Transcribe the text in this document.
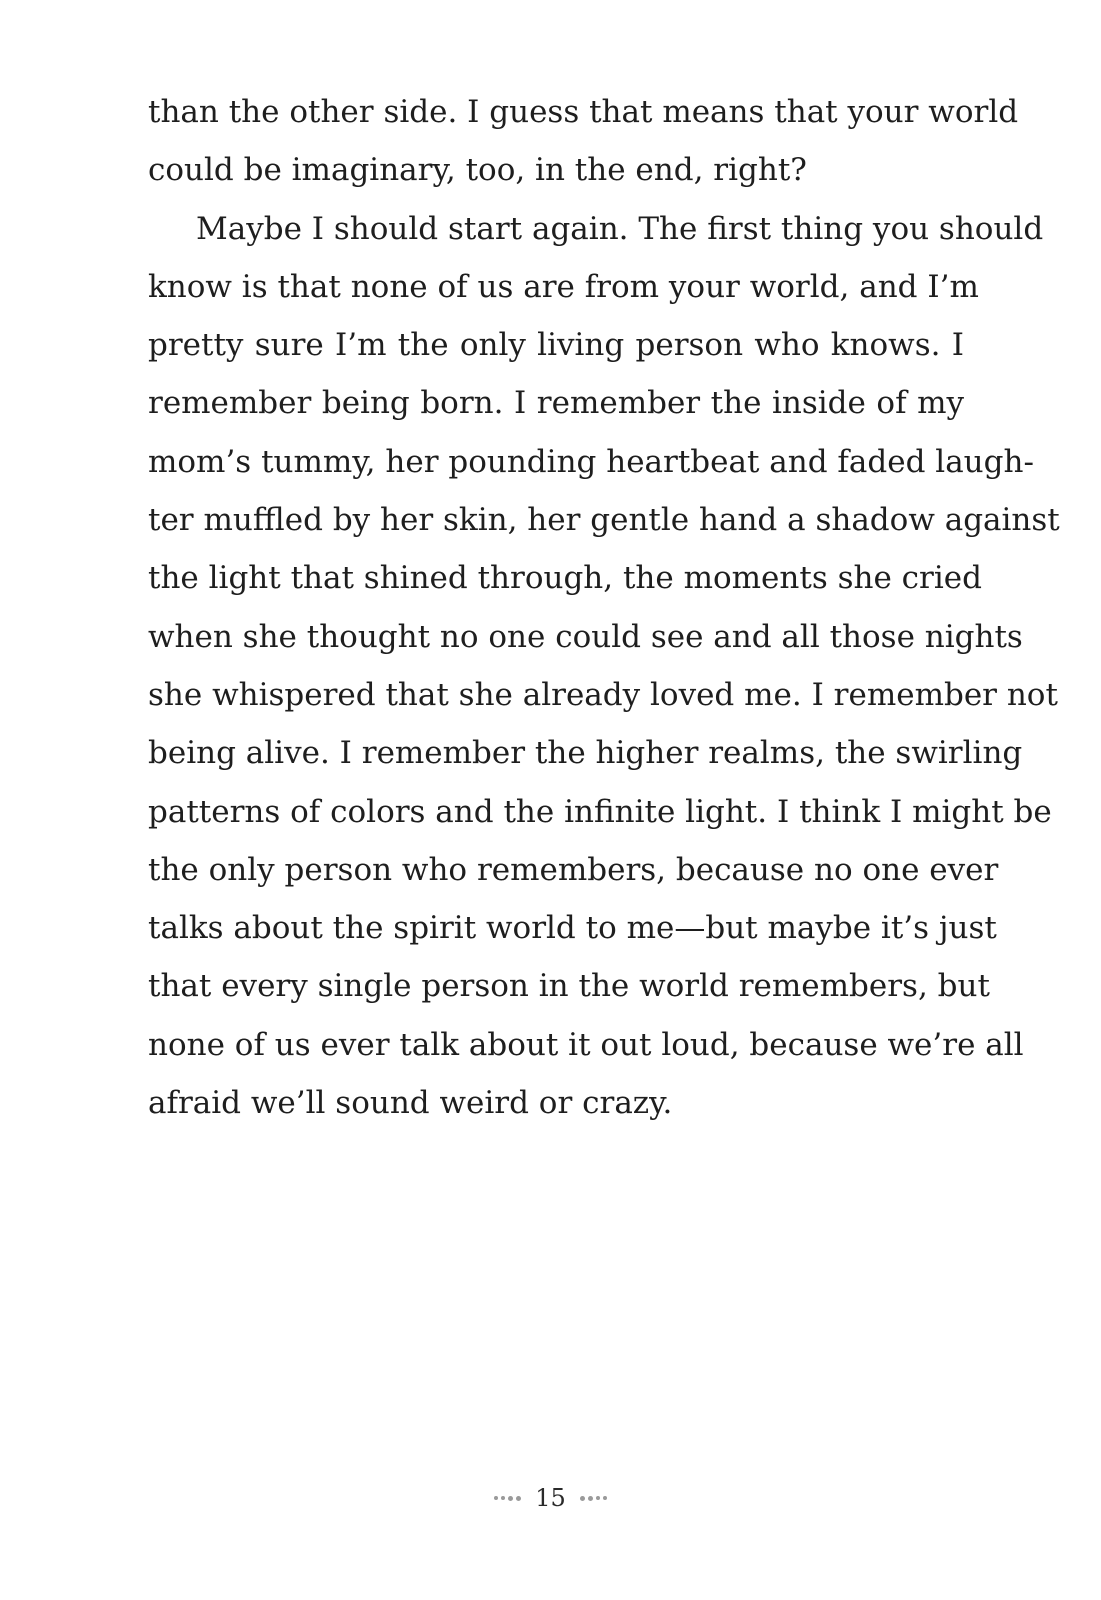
than the other side. I guess that means that your world
could be imaginary, too, in the end, right?
Maybe I should start again. The first thing you should
know is that none of us are from your world, and I’m
pretty sure I’m the only living person who knows. I
remember being born. I remember the inside of my
mom’s tummy, her pounding heartbeat and faded laugh-
ter muffled by her skin, her gentle hand a shadow against
the light that shined through, the moments she cried
when she thought no one could see and all those nights
she whispered that she already loved me. I remember not
being alive. I remember the higher realms, the swirling
patterns of colors and the infinite light. I think I might be
the only person who remembers, because no one ever
talks about the spirit world to me—but maybe it’s just
that every single person in the world remembers, but
none of us ever talk about it out loud, because we’re all
afraid we’ll sound weird or crazy.
15
